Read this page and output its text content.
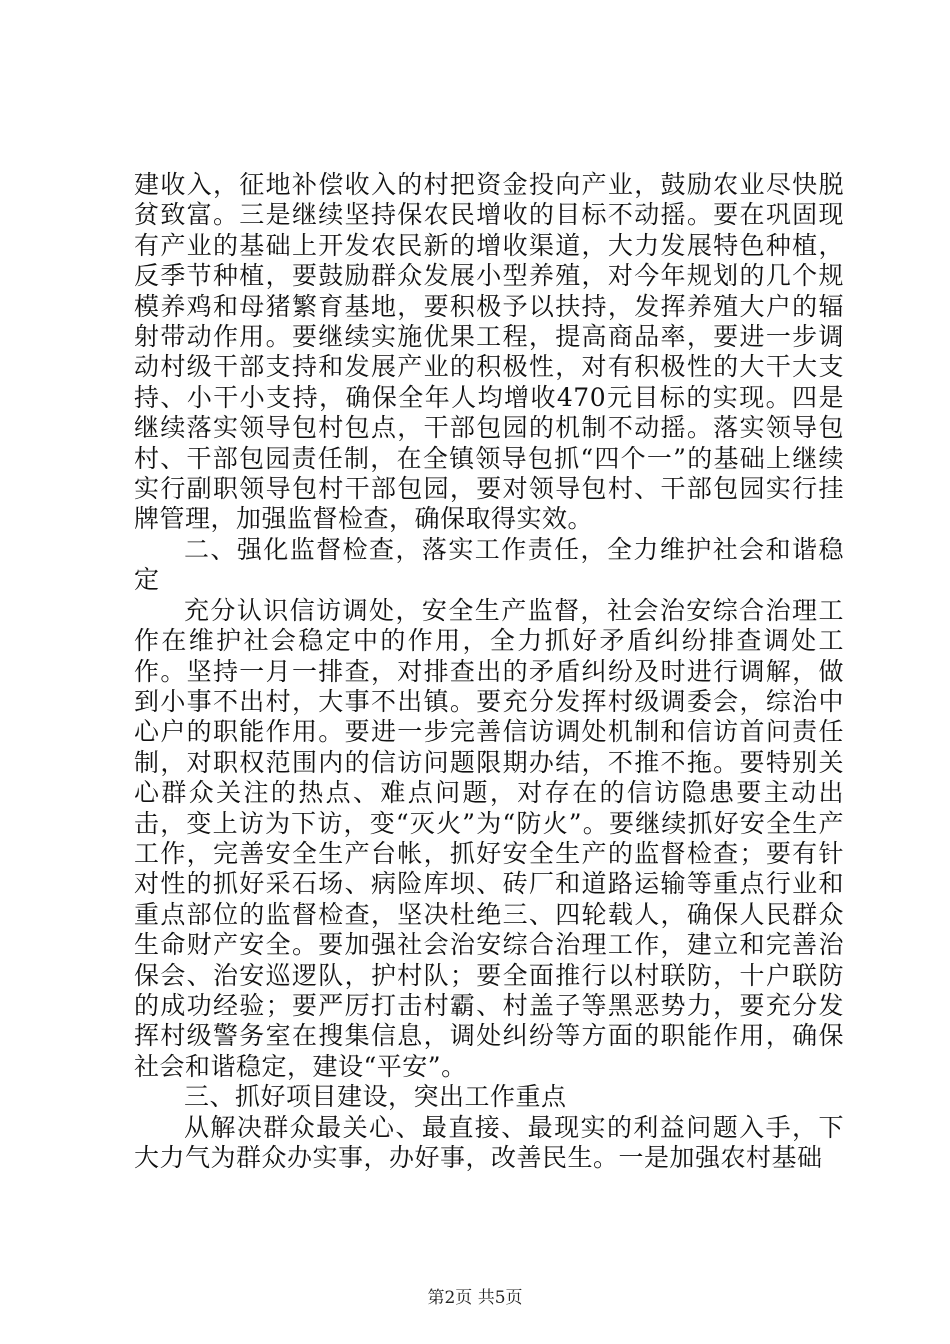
建收入，征地补偿收入的村把资金投向产业，鼓励农业尽快脱贫致富。三是继续坚持保农民增收的目标不动摇。要在巩固现有产业的基础上开发农民新的增收渠道，大力发展特色种植，反季节种植，要鼓励群众发展小型养殖，对今年规划的几个规模养鸡和母猪繁育基地，要积极予以扶持，发挥养殖大户的辐射带动作用。要继续实施优果工程，提高商品率，要进一步调动村级干部支持和发展产业的积极性，对有积极性的大干大支持、小干小支持，确保全年人均增收470元目标的实现。四是继续落实领导包村包点，干部包园的机制不动摇。落实领导包村、干部包园责任制，在全镇领导包抓“四个一”的基础上继续实行副职领导包村干部包园，要对领导包村、干部包园实行挂牌管理，加强监督检查，确保取得实效。

二、强化监督检查，落实工作责任，全力维护社会和谐稳定

充分认识信访调处，安全生产监督，社会治安综合治理工作在维护社会稳定中的作用，全力抓好矛盾纠纷排查调处工作。坚持一月一排查，对排查出的矛盾纠纷及时进行调解，做到小事不出村，大事不出镇。要充分发挥村级调委会，综治中心户的职能作用。要进一步完善信访调处机制和信访首问责任制，对职权范围内的信访问题限期办结，不推不拖。要特别关心群众关注的热点、难点问题，对存在的信访隐患要主动出击，变上访为下访，变“灭火”为“防火”。要继续抓好安全生产工作，完善安全生产台帐，抓好安全生产的监督检查；要有针对性的抓好采石场、病险库坝、砖厂和道路运输等重点行业和重点部位的监督检查，坚决杜绝三、四轮载人，确保人民群众生命财产安全。要加强社会治安综合治理工作，建立和完善治保会、治安巡逻队，护村队；要全面推行以村联防，十户联防的成功经验；要严厉打击村霸、村盖子等黑恶势力，要充分发挥村级警务室在搜集信息，调处纠纷等方面的职能作用，确保社会和谐稳定，建设“平安”。

三、抓好项目建设，突出工作重点

从解决群众最关心、最直接、最现实的利益问题入手，下大力气为群众办实事，办好事，改善民生。一是加强农村基础

第2页 共5页
